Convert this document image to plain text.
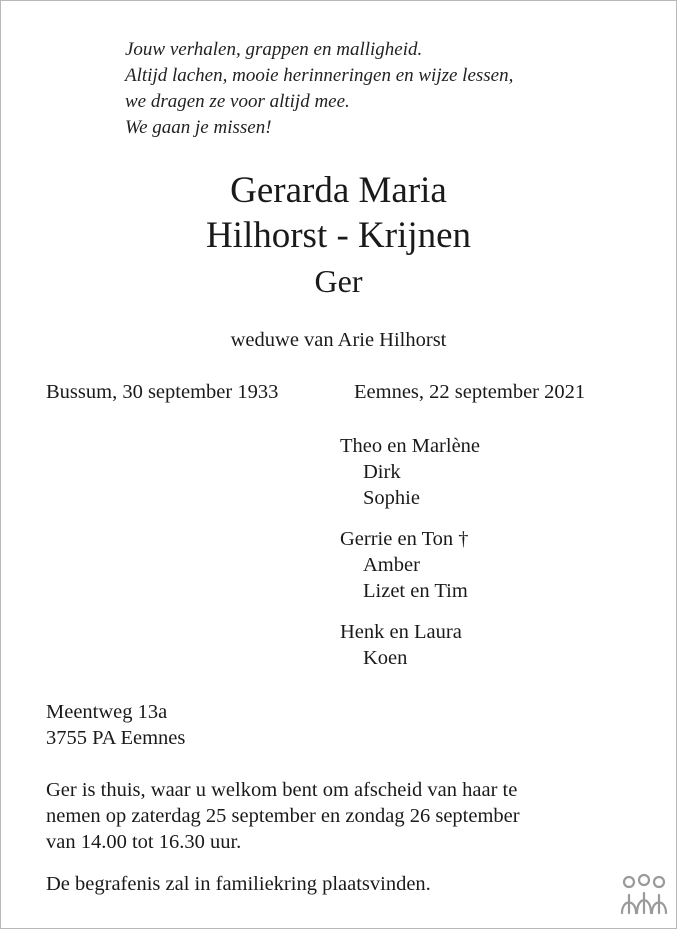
Jouw verhalen, grappen en malligheid.
Altijd lachen, mooie herinneringen en wijze lessen,
we dragen ze voor altijd mee.
We gaan je missen!
Gerarda Maria
Hilhorst - Krijnen
Ger
weduwe van Arie Hilhorst
Bussum, 30 september 1933	Eemnes, 22 september 2021
Theo en Marlène
Dirk
Sophie
Gerrie en Ton †
Amber
Lizet en Tim
Henk en Laura
Koen
Meentweg 13a
3755 PA Eemnes
Ger is thuis, waar u welkom bent om afscheid van haar te
nemen op zaterdag 25 september en zondag 26 september
van 14.00 tot 16.30 uur.
De begrafenis zal in familiekring plaatsvinden.
